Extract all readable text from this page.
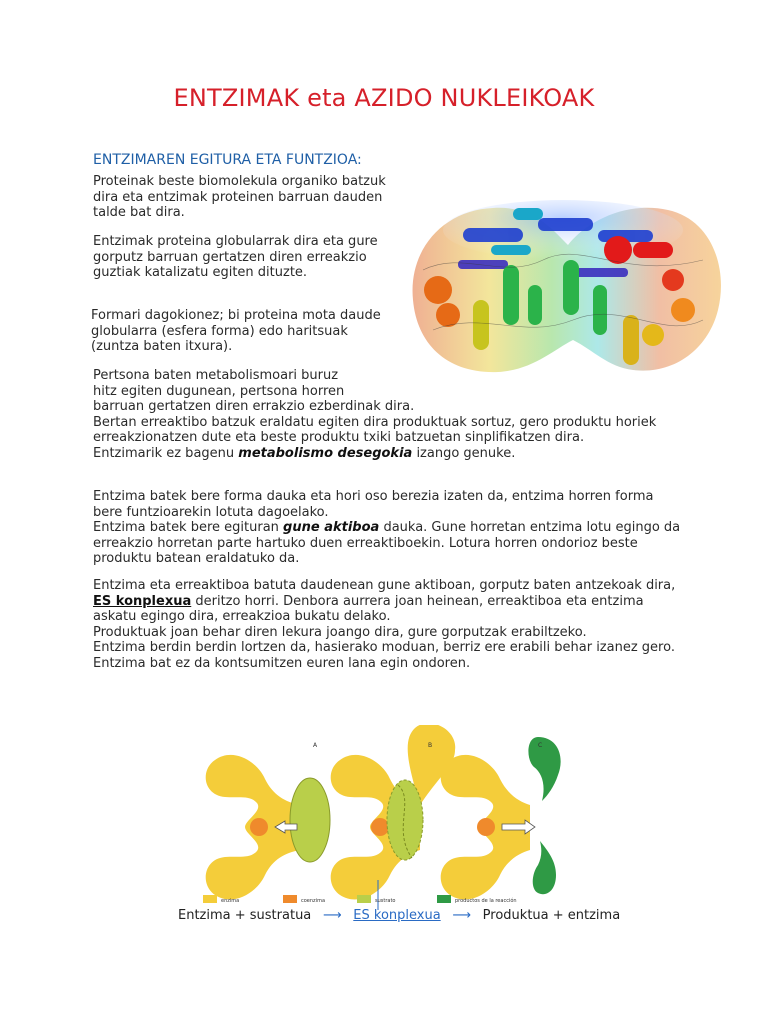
ENTZIMAK eta AZIDO NUKLEIKOAK
ENTZIMAREN EGITURA ETA FUNTZIOA:

Proteinak beste biomolekula organiko batzuk dira eta entzimak proteinen barruan dauden talde bat dira.

Entzimak proteina globularrak dira eta gure gorputz barruan gertatzen diren erreakzio guztiak katalizatu egiten dituzte.

Formari dagokionez; bi proteina mota daude globularra (esfera forma) edo haritsuak (zuntza baten itxura).

Pertsona baten metabolismoari buruz
hitz egiten dugunean, pertsona horren
barruan gertatzen diren errakzio ezberdinak dira.
Bertan erreaktibo batzuk eraldatu egiten dira produktuak sortuz, gero produktu horiek erreakzionatzen dute eta beste produktu txiki batzuetan sinplifikatzen dira.
Entzimarik ez bagenu metabolismo desegokia izango genuke.
Entzima batek bere forma dauka eta hori oso berezia izaten da, entzima horren forma bere funtzioarekin lotuta dagoelako.
Entzima batek bere egituran gune aktiboa dauka. Gune horretan entzima lotu egingo da erreakzio horretan parte hartuko duen erreaktiboekin. Lotura horren ondorioz beste produktu batean eraldatuko da.
Entzima eta erreaktiboa batuta daudenean gune aktiboan, gorputz baten antzekoak dira, ES konplexua deritzo horri. Denbora aurrera joan heinean, erreaktiboa eta entzima askatu egingo dira, erreakzioa bukatu delako.
Produktuak joan behar diren lekura joango dira, gure gorputzak erabiltzeko.
Entzima berdin berdin lortzen da, hasierako moduan, berriz ere erabili behar izanez gero.
Entzima bat ez da kontsumitzen euren lana egin ondoren.
A	B	C
enzima	coenzima	sustrato	productos de la reacción
Entzima + sustratua ⟶ ES konplexua ⟶ Produktua + entzima
